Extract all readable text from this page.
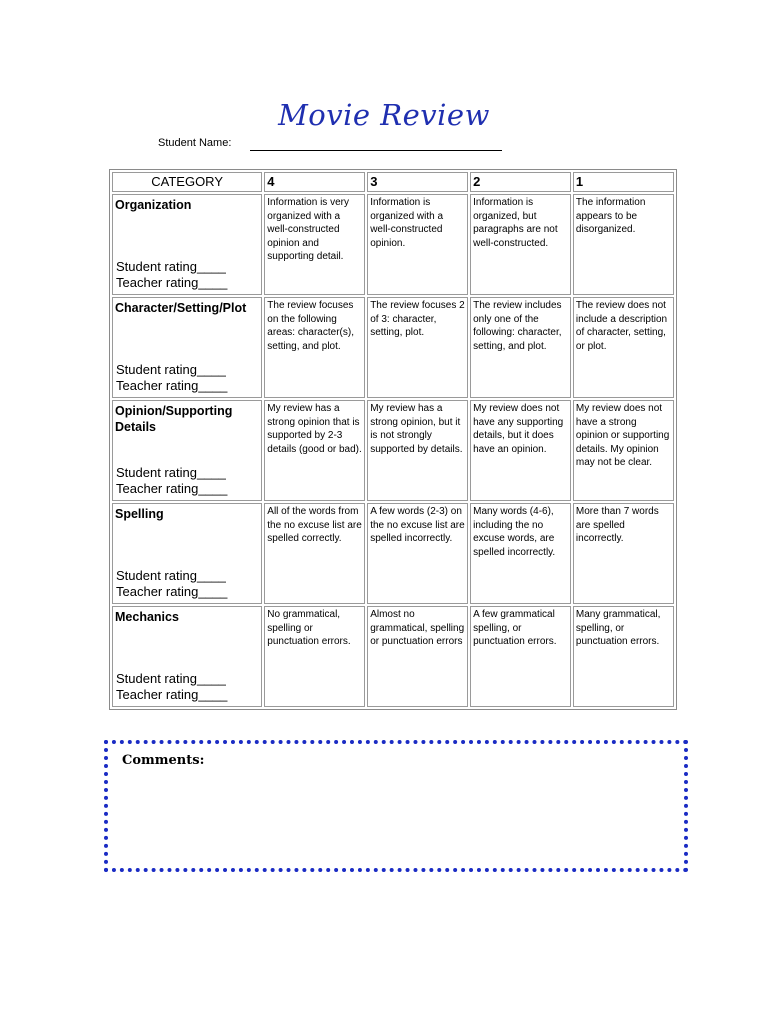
Movie Review
Student Name:
CATEGORY	4	3	2	1

Organization
Student rating____
Teacher rating____	Information is very organized with a well-constructed opinion and supporting detail.	Information is organized with a well-constructed opinion.	Information is organized, but paragraphs are not well-constructed.	The information appears to be disorganized.

Character/Setting/Plot
Student rating____
Teacher rating____	The review focuses on the following areas: character(s), setting, and plot.	The review focuses 2 of 3: character, setting, plot.	The review includes only one of the following: character, setting, and plot.	The review does not include a description of character, setting, or plot.

Opinion/Supporting Details
Student rating____
Teacher rating____	My review has a strong opinion that is supported by 2-3 details (good or bad).	My review has a strong opinion, but it is not strongly supported by details.	My review does not have any supporting details, but it does have an opinion.	My review does not have a strong opinion or supporting details. My opinion may not be clear.

Spelling
Student rating____
Teacher rating____	All of the words from the no excuse list are spelled correctly.	A few words (2-3) on the no excuse list are spelled incorrectly.	Many words (4-6), including the no excuse words, are spelled incorrectly.	More than 7 words are spelled incorrectly.

Mechanics
Student rating____
Teacher rating____	No grammatical, spelling or punctuation errors.	Almost no grammatical, spelling or punctuation errors	A few grammatical spelling, or punctuation errors.	Many grammatical, spelling, or punctuation errors.
Comments:
